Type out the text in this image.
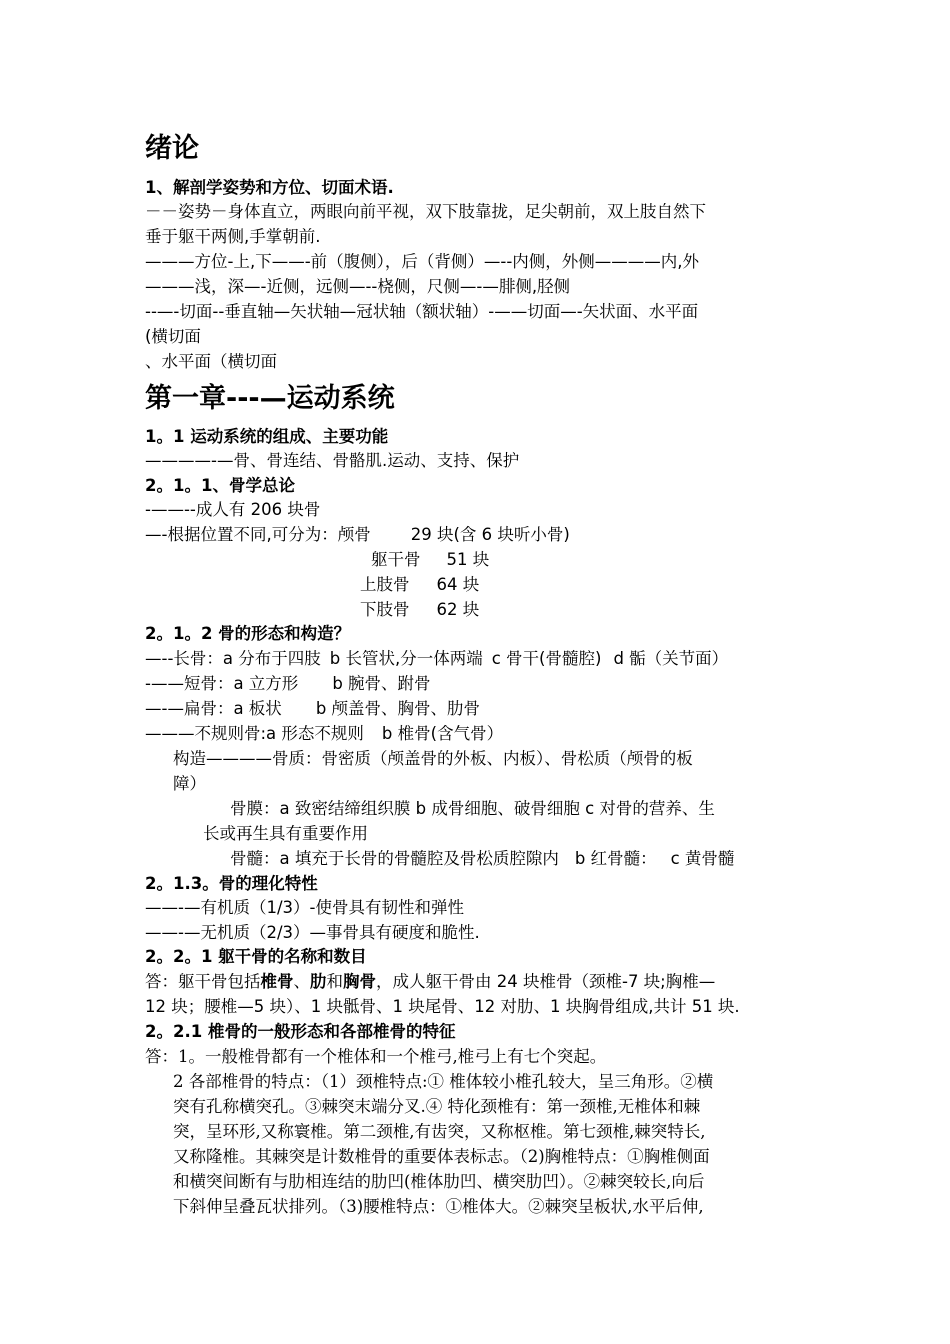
绪论
1、解剖学姿势和方位、切面术语.
－－姿势－身体直立，两眼向前平视，双下肢靠拢，足尖朝前，双上肢自然下
垂于躯干两侧,手掌朝前.
———方位-上,下——-前（腹侧），后（背侧）—--内侧，外侧————内,外
———浅，深—-近侧，远侧—--桡侧，尺侧—-—腓侧,胫侧
--—-切面--垂直轴—矢状轴—冠状轴（额状轴）-——切面—-矢状面、水平面
(横切面
、水平面（横切面
第一章---—运动系统
1。1 运动系统的组成、主要功能
————-—骨、骨连结、骨骼肌.运动、支持、保护
2。1。1、骨学总论
-——--成人有 206 块骨
—-根据位置不同,可分为：颅骨 29 块(含 6 块听小骨)
躯干骨 51 块
上肢骨 64 块
下肢骨 62 块
2。1。2 骨的形态和构造？
—--长骨：a 分布于四肢 b 长管状,分一体两端 c 骨干(骨髓腔) d 骺（关节面）
-——短骨：a 立方形 b 腕骨、跗骨
—-—扁骨：a 板状 b 颅盖骨、胸骨、肋骨
———不规则骨:a 形态不规则 b 椎骨(含气骨）
构造————骨质：骨密质（颅盖骨的外板、内板）、骨松质（颅骨的板
障）
骨膜：a 致密结缔组织膜 b 成骨细胞、破骨细胞 c 对骨的营养、生
长或再生具有重要作用
骨髓：a 填充于长骨的骨髓腔及骨松质腔隙内 b 红骨髓： c 黄骨髓
2。1.3。骨的理化特性
——-—有机质（1/3）-使骨具有韧性和弹性
——-—无机质（2/3）—事骨具有硬度和脆性.
2。2。1 躯干骨的名称和数目
答：躯干骨包括椎骨、肋和胸骨，成人躯干骨由 24 块椎骨（颈椎-7 块;胸椎—
12 块；腰椎—5 块）、1 块骶骨、1 块尾骨、12 对肋、1 块胸骨组成,共计 51 块.
2。2.1 椎骨的一般形态和各部椎骨的特征
答：1。一般椎骨都有一个椎体和一个椎弓,椎弓上有七个突起。
2 各部椎骨的特点：（1）颈椎特点:① 椎体较小椎孔较大，呈三角形。②横
突有孔称横突孔。③棘突末端分叉.④ 特化颈椎有：第一颈椎,无椎体和棘
突，呈环形,又称寰椎。第二颈椎,有齿突，又称枢椎。第七颈椎,棘突特长,
又称隆椎。其棘突是计数椎骨的重要体表标志。（2)胸椎特点：①胸椎侧面
和横突间断有与肋相连结的肋凹(椎体肋凹、横突肋凹）。②棘突较长,向后
下斜伸呈叠瓦状排列。（3)腰椎特点：①椎体大。②棘突呈板状,水平后伸,
